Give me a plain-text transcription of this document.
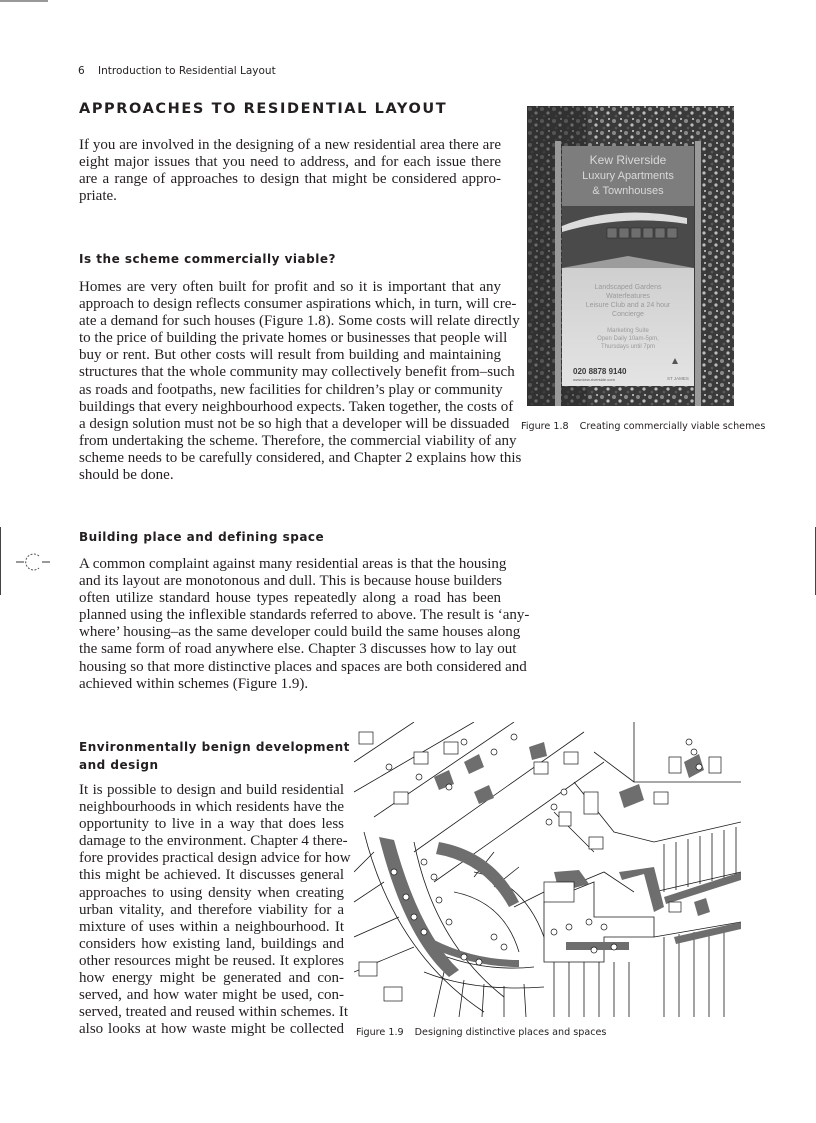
6 Introduction to Residential Layout
APPROACHES TO RESIDENTIAL LAYOUT
If you are involved in the designing of a new residential area there are
eight major issues that you need to address, and for each issue there
are a range of approaches to design that might be considered appro-
priate.
Is the scheme commercially viable?
Homes are very often built for profit and so it is important that any
approach to design reflects consumer aspirations which, in turn, will cre-
ate a demand for such houses (Figure 1.8). Some costs will relate directly
to the price of building the private homes or businesses that people will
buy or rent. But other costs will result from building and maintaining
structures that the whole community may collectively benefit from–such
as roads and footpaths, new facilities for children’s play or community
buildings that every neighbourhood expects. Taken together, the costs of
a design solution must not be so high that a developer will be dissuaded
from undertaking the scheme. Therefore, the commercial viability of any
scheme needs to be carefully considered, and Chapter 2 explains how this
should be done.
Kew Riverside
Luxury Apartments
& Townhouses
Landscaped Gardens
Waterfeatures
Leisure Club and a 24 hour
Concierge
Marketing Suite
Open Daily 10am-5pm,
Thursdays until 7pm
020 8878 9140
www.kew-riverside.com	ST JAMES
Figure 1.8 Creating commercially viable schemes
Building place and defining space
A common complaint against many residential areas is that the housing
and its layout are monotonous and dull. This is because house builders
often utilize standard house types repeatedly along a road has been
planned using the inflexible standards referred to above. The result is ‘any-
where’ housing–as the same developer could build the same houses along
the same form of road anywhere else. Chapter 3 discusses how to lay out
housing so that more distinctive places and spaces are both considered and
achieved within schemes (Figure 1.9).
Environmentally benign development
and design
It is possible to design and build residential
neighbourhoods in which residents have the
opportunity to live in a way that does less
damage to the environment. Chapter 4 there-
fore provides practical design advice for how
this might be achieved. It discusses general
approaches to using density when creating
urban vitality, and therefore viability for a
mixture of uses within a neighbourhood. It
considers how existing land, buildings and
other resources might be reused. It explores
how energy might be generated and con-
served, and how water might be used, con-
served, treated and reused within schemes. It
also looks at how waste might be collected Figure 1.9 Designing distinctive places and spaces
